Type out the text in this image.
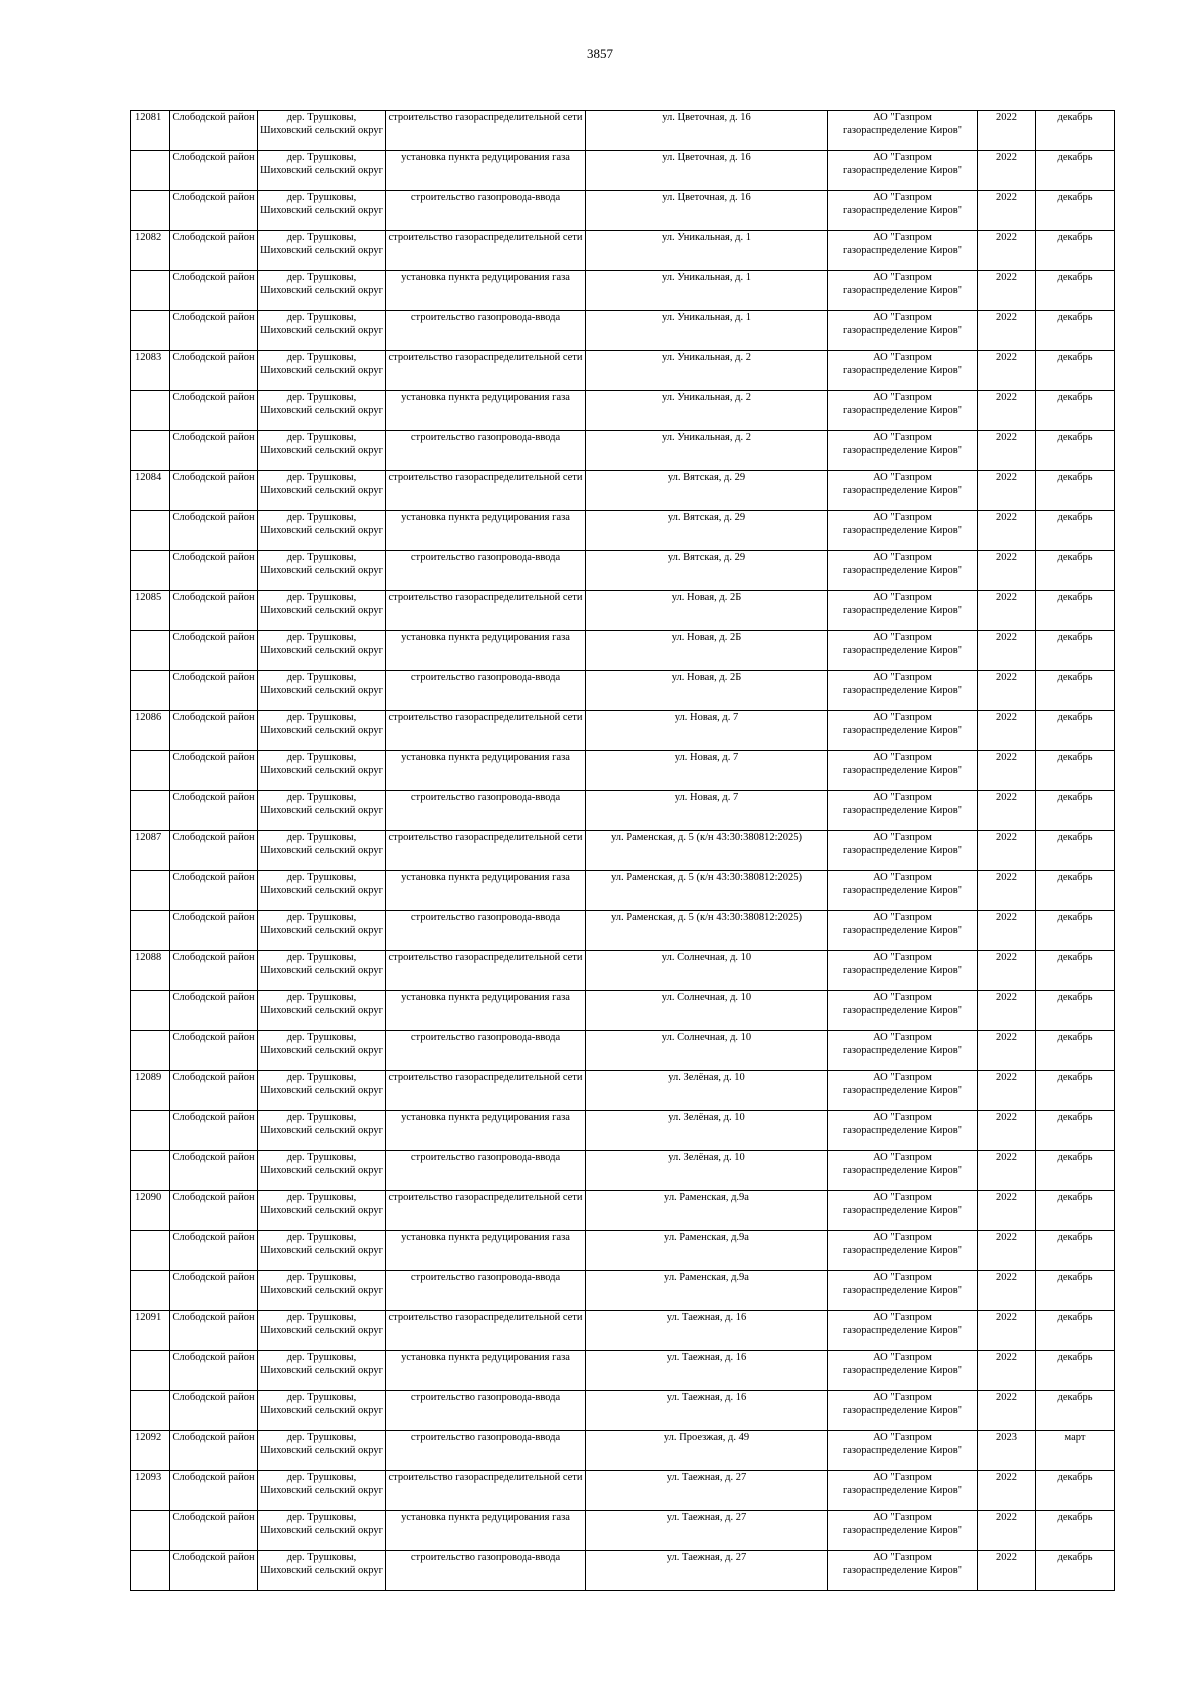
3857
12081	Слободской район	дер. Трушковы, Шиховский сельский округ	строительство газораспределительной сети	ул. Цветочная, д. 16	АО "Газпром газораспределение Киров"	2022	декабрь

	Слободской район	дер. Трушковы, Шиховский сельский округ	установка пункта редуцирования газа	ул. Цветочная, д. 16	АО "Газпром газораспределение Киров"	2022	декабрь

	Слободской район	дер. Трушковы, Шиховский сельский округ	строительство газопровода-ввода	ул. Цветочная, д. 16	АО "Газпром газораспределение Киров"	2022	декабрь

12082	Слободской район	дер. Трушковы, Шиховский сельский округ	строительство газораспределительной сети	ул. Уникальная, д. 1	АО "Газпром газораспределение Киров"	2022	декабрь

	Слободской район	дер. Трушковы, Шиховский сельский округ	установка пункта редуцирования газа	ул. Уникальная, д. 1	АО "Газпром газораспределение Киров"	2022	декабрь

	Слободской район	дер. Трушковы, Шиховский сельский округ	строительство газопровода-ввода	ул. Уникальная, д. 1	АО "Газпром газораспределение Киров"	2022	декабрь

12083	Слободской район	дер. Трушковы, Шиховский сельский округ	строительство газораспределительной сети	ул. Уникальная, д. 2	АО "Газпром газораспределение Киров"	2022	декабрь

	Слободской район	дер. Трушковы, Шиховский сельский округ	установка пункта редуцирования газа	ул. Уникальная, д. 2	АО "Газпром газораспределение Киров"	2022	декабрь

	Слободской район	дер. Трушковы, Шиховский сельский округ	строительство газопровода-ввода	ул. Уникальная, д. 2	АО "Газпром газораспределение Киров"	2022	декабрь

12084	Слободской район	дер. Трушковы, Шиховский сельский округ	строительство газораспределительной сети	ул. Вятская, д. 29	АО "Газпром газораспределение Киров"	2022	декабрь

	Слободской район	дер. Трушковы, Шиховский сельский округ	установка пункта редуцирования газа	ул. Вятская, д. 29	АО "Газпром газораспределение Киров"	2022	декабрь

	Слободской район	дер. Трушковы, Шиховский сельский округ	строительство газопровода-ввода	ул. Вятская, д. 29	АО "Газпром газораспределение Киров"	2022	декабрь

12085	Слободской район	дер. Трушковы, Шиховский сельский округ	строительство газораспределительной сети	ул. Новая, д. 2Б	АО "Газпром газораспределение Киров"	2022	декабрь

	Слободской район	дер. Трушковы, Шиховский сельский округ	установка пункта редуцирования газа	ул. Новая, д. 2Б	АО "Газпром газораспределение Киров"	2022	декабрь

	Слободской район	дер. Трушковы, Шиховский сельский округ	строительство газопровода-ввода	ул. Новая, д. 2Б	АО "Газпром газораспределение Киров"	2022	декабрь

12086	Слободской район	дер. Трушковы, Шиховский сельский округ	строительство газораспределительной сети	ул. Новая, д. 7	АО "Газпром газораспределение Киров"	2022	декабрь

	Слободской район	дер. Трушковы, Шиховский сельский округ	установка пункта редуцирования газа	ул. Новая, д. 7	АО "Газпром газораспределение Киров"	2022	декабрь

	Слободской район	дер. Трушковы, Шиховский сельский округ	строительство газопровода-ввода	ул. Новая, д. 7	АО "Газпром газораспределение Киров"	2022	декабрь

12087	Слободской район	дер. Трушковы, Шиховский сельский округ	строительство газораспределительной сети	ул. Раменская, д. 5 (к/н 43:30:380812:2025)	АО "Газпром газораспределение Киров"	2022	декабрь

	Слободской район	дер. Трушковы, Шиховский сельский округ	установка пункта редуцирования газа	ул. Раменская, д. 5 (к/н 43:30:380812:2025)	АО "Газпром газораспределение Киров"	2022	декабрь

	Слободской район	дер. Трушковы, Шиховский сельский округ	строительство газопровода-ввода	ул. Раменская, д. 5 (к/н 43:30:380812:2025)	АО "Газпром газораспределение Киров"	2022	декабрь

12088	Слободской район	дер. Трушковы, Шиховский сельский округ	строительство газораспределительной сети	ул. Солнечная, д. 10	АО "Газпром газораспределение Киров"	2022	декабрь

	Слободской район	дер. Трушковы, Шиховский сельский округ	установка пункта редуцирования газа	ул. Солнечная, д. 10	АО "Газпром газораспределение Киров"	2022	декабрь

	Слободской район	дер. Трушковы, Шиховский сельский округ	строительство газопровода-ввода	ул. Солнечная, д. 10	АО "Газпром газораспределение Киров"	2022	декабрь

12089	Слободской район	дер. Трушковы, Шиховский сельский округ	строительство газораспределительной сети	ул. Зелёная, д. 10	АО "Газпром газораспределение Киров"	2022	декабрь

	Слободской район	дер. Трушковы, Шиховский сельский округ	установка пункта редуцирования газа	ул. Зелёная, д. 10	АО "Газпром газораспределение Киров"	2022	декабрь

	Слободской район	дер. Трушковы, Шиховский сельский округ	строительство газопровода-ввода	ул. Зелёная, д. 10	АО "Газпром газораспределение Киров"	2022	декабрь

12090	Слободской район	дер. Трушковы, Шиховский сельский округ	строительство газораспределительной сети	ул. Раменская, д.9а	АО "Газпром газораспределение Киров"	2022	декабрь

	Слободской район	дер. Трушковы, Шиховский сельский округ	установка пункта редуцирования газа	ул. Раменская, д.9а	АО "Газпром газораспределение Киров"	2022	декабрь

	Слободской район	дер. Трушковы, Шиховский сельский округ	строительство газопровода-ввода	ул. Раменская, д.9а	АО "Газпром газораспределение Киров"	2022	декабрь

12091	Слободской район	дер. Трушковы, Шиховский сельский округ	строительство газораспределительной сети	ул. Таежная, д. 16	АО "Газпром газораспределение Киров"	2022	декабрь

	Слободской район	дер. Трушковы, Шиховский сельский округ	установка пункта редуцирования газа	ул. Таежная, д. 16	АО "Газпром газораспределение Киров"	2022	декабрь

	Слободской район	дер. Трушковы, Шиховский сельский округ	строительство газопровода-ввода	ул. Таежная, д. 16	АО "Газпром газораспределение Киров"	2022	декабрь

12092	Слободской район	дер. Трушковы, Шиховский сельский округ	строительство газопровода-ввода	ул. Проезжая, д. 49	АО "Газпром газораспределение Киров"	2023	март

12093	Слободской район	дер. Трушковы, Шиховский сельский округ	строительство газораспределительной сети	ул. Таежная, д. 27	АО "Газпром газораспределение Киров"	2022	декабрь

	Слободской район	дер. Трушковы, Шиховский сельский округ	установка пункта редуцирования газа	ул. Таежная, д. 27	АО "Газпром газораспределение Киров"	2022	декабрь

	Слободской район	дер. Трушковы, Шиховский сельский округ	строительство газопровода-ввода	ул. Таежная, д. 27	АО "Газпром газораспределение Киров"	2022	декабрь
